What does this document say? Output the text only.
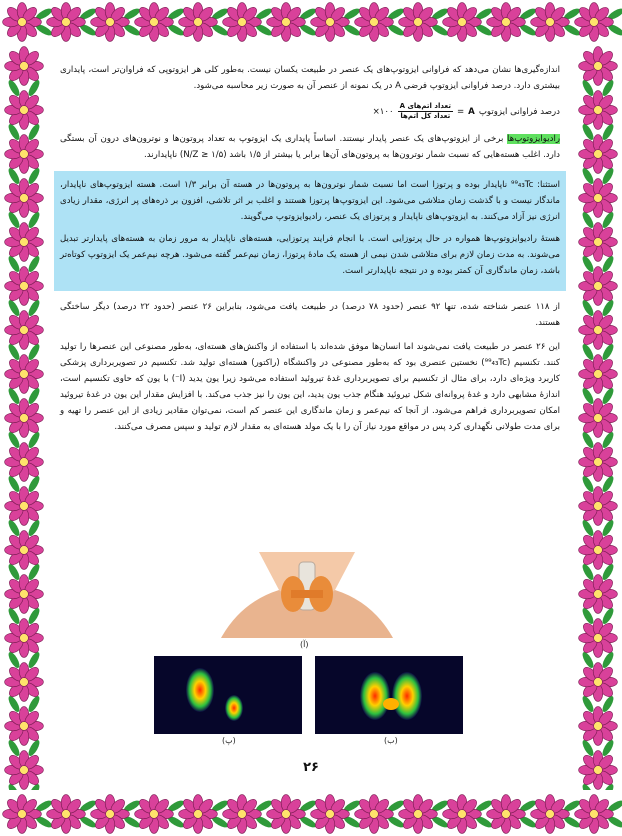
اندازه‌گیری‌ها نشان می‌دهد که فراوانی ایزوتوپ‌های یک عنصر در طبیعت یکسان نیست. به‌طور کلی هر ایزوتوپی که فراوان‌تر است، پایداری بیشتری دارد. درصد فراوانی ایزوتوپ فرضی A در یک نمونه از عنصر آن به صورت زیر محاسبه می‌شود.

درصد فراوانی ایزوتوپ
A
=
$\frac{\text{تعداد اتم‌های A}}{\text{تعداد کل اتم‌ها}}$
۱۰۰×

رادیوایزوتوپ‌ها برخی از ایزوتوپ‌های یک عنصر پایدار نیستند. اساساً پایداری یک ایزوتوپ به تعداد پروتون‌ها و نوترون‌های درون آن بستگی دارد. اغلب هسته‌هایی که نسبت شمار نوترون‌ها به پروتون‌های آن‌ها برابر یا بیشتر از ۱/۵ باشد (N/Z ≥ ۱/۵) ناپایدارند.

استثنا: ⁹⁹₄₃Tc ناپایدار بوده و پرتوزا است اما نسبت شمار نوترون‌ها به پروتون‌ها در هسته آن برابر ۱/۳ است. هسته ایزوتوپ‌های ناپایدار، ماندگار نیست و با گذشت زمان متلاشی می‌شود. این ایزوتوپ‌ها پرتوزا هستند و اغلب بر اثر تلاشی، افزون بر ذره‌های پر انرژی، مقدار زیادی انرژی نیز آزاد می‌کنند. به ایزوتوپ‌های ناپایدار و پرتوزای یک عنصر، رادیوایزوتوپ می‌گویند.

هستهٔ رادیوایزوتوپ‌ها همواره در حال پرتوزایی است. با انجام فرایند پرتوزایی، هسته‌های ناپایدار به مرور زمان به هسته‌های پایدارتر تبدیل می‌شوند. به مدت زمان لازم برای متلاشی شدن نیمی از هسته یک مادهٔ پرتوزا، زمان نیم‌عمر گفته می‌شود. هرچه نیم‌عمر یک ایزوتوپ کوتاه‌تر باشد، زمان ماندگاری آن کمتر بوده و در نتیجه ناپایدارتر است.

از ۱۱۸ عنصر شناخته شده، تنها ۹۲ عنصر (حدود ۷۸ درصد) در طبیعت یافت می‌شود، بنابراین ۲۶ عنصر (حدود ۲۲ درصد) دیگر ساختگی هستند.

این ۲۶ عنصر در طبیعت یافت نمی‌شوند اما انسان‌ها موفق شده‌اند با استفاده از واکنش‌های هسته‌ای، به‌طور مصنوعی این عنصرها را تولید کنند. تکنسیم (⁹⁹₄₃Tc) نخستین عنصری بود که به‌طور مصنوعی در واکنشگاه (راکتور) هسته‌ای تولید شد. تکنسیم در تصویربرداری پزشکی کاربرد ویژه‌ای دارد، برای مثال از تکنسیم برای تصویربرداری غدهٔ تیروئید استفاده می‌شود زیرا یون یدید (I⁻) با یون که حاوی تکنسیم است، اندازهٔ مشابهی دارد و غدهٔ پروانه‌ای شکل تیروئید هنگام جذب یون یدید، این یون را نیز جذب می‌کند. با افزایش مقدار این یون در غدهٔ تیروئید امکان تصویربرداری فراهم می‌شود. از آنجا که نیم‌عمر و زمان ماندگاری این عنصر کم است، نمی‌توان مقادیر زیادی از این عنصر را تهیه و برای مدت طولانی نگهداری کرد پس در مواقع مورد نیاز آن را با یک مولد هسته‌ای به مقدار لازم تولید و سپس مصرف می‌کنند.

(آ)
(پ)	(ب)
۲۶
